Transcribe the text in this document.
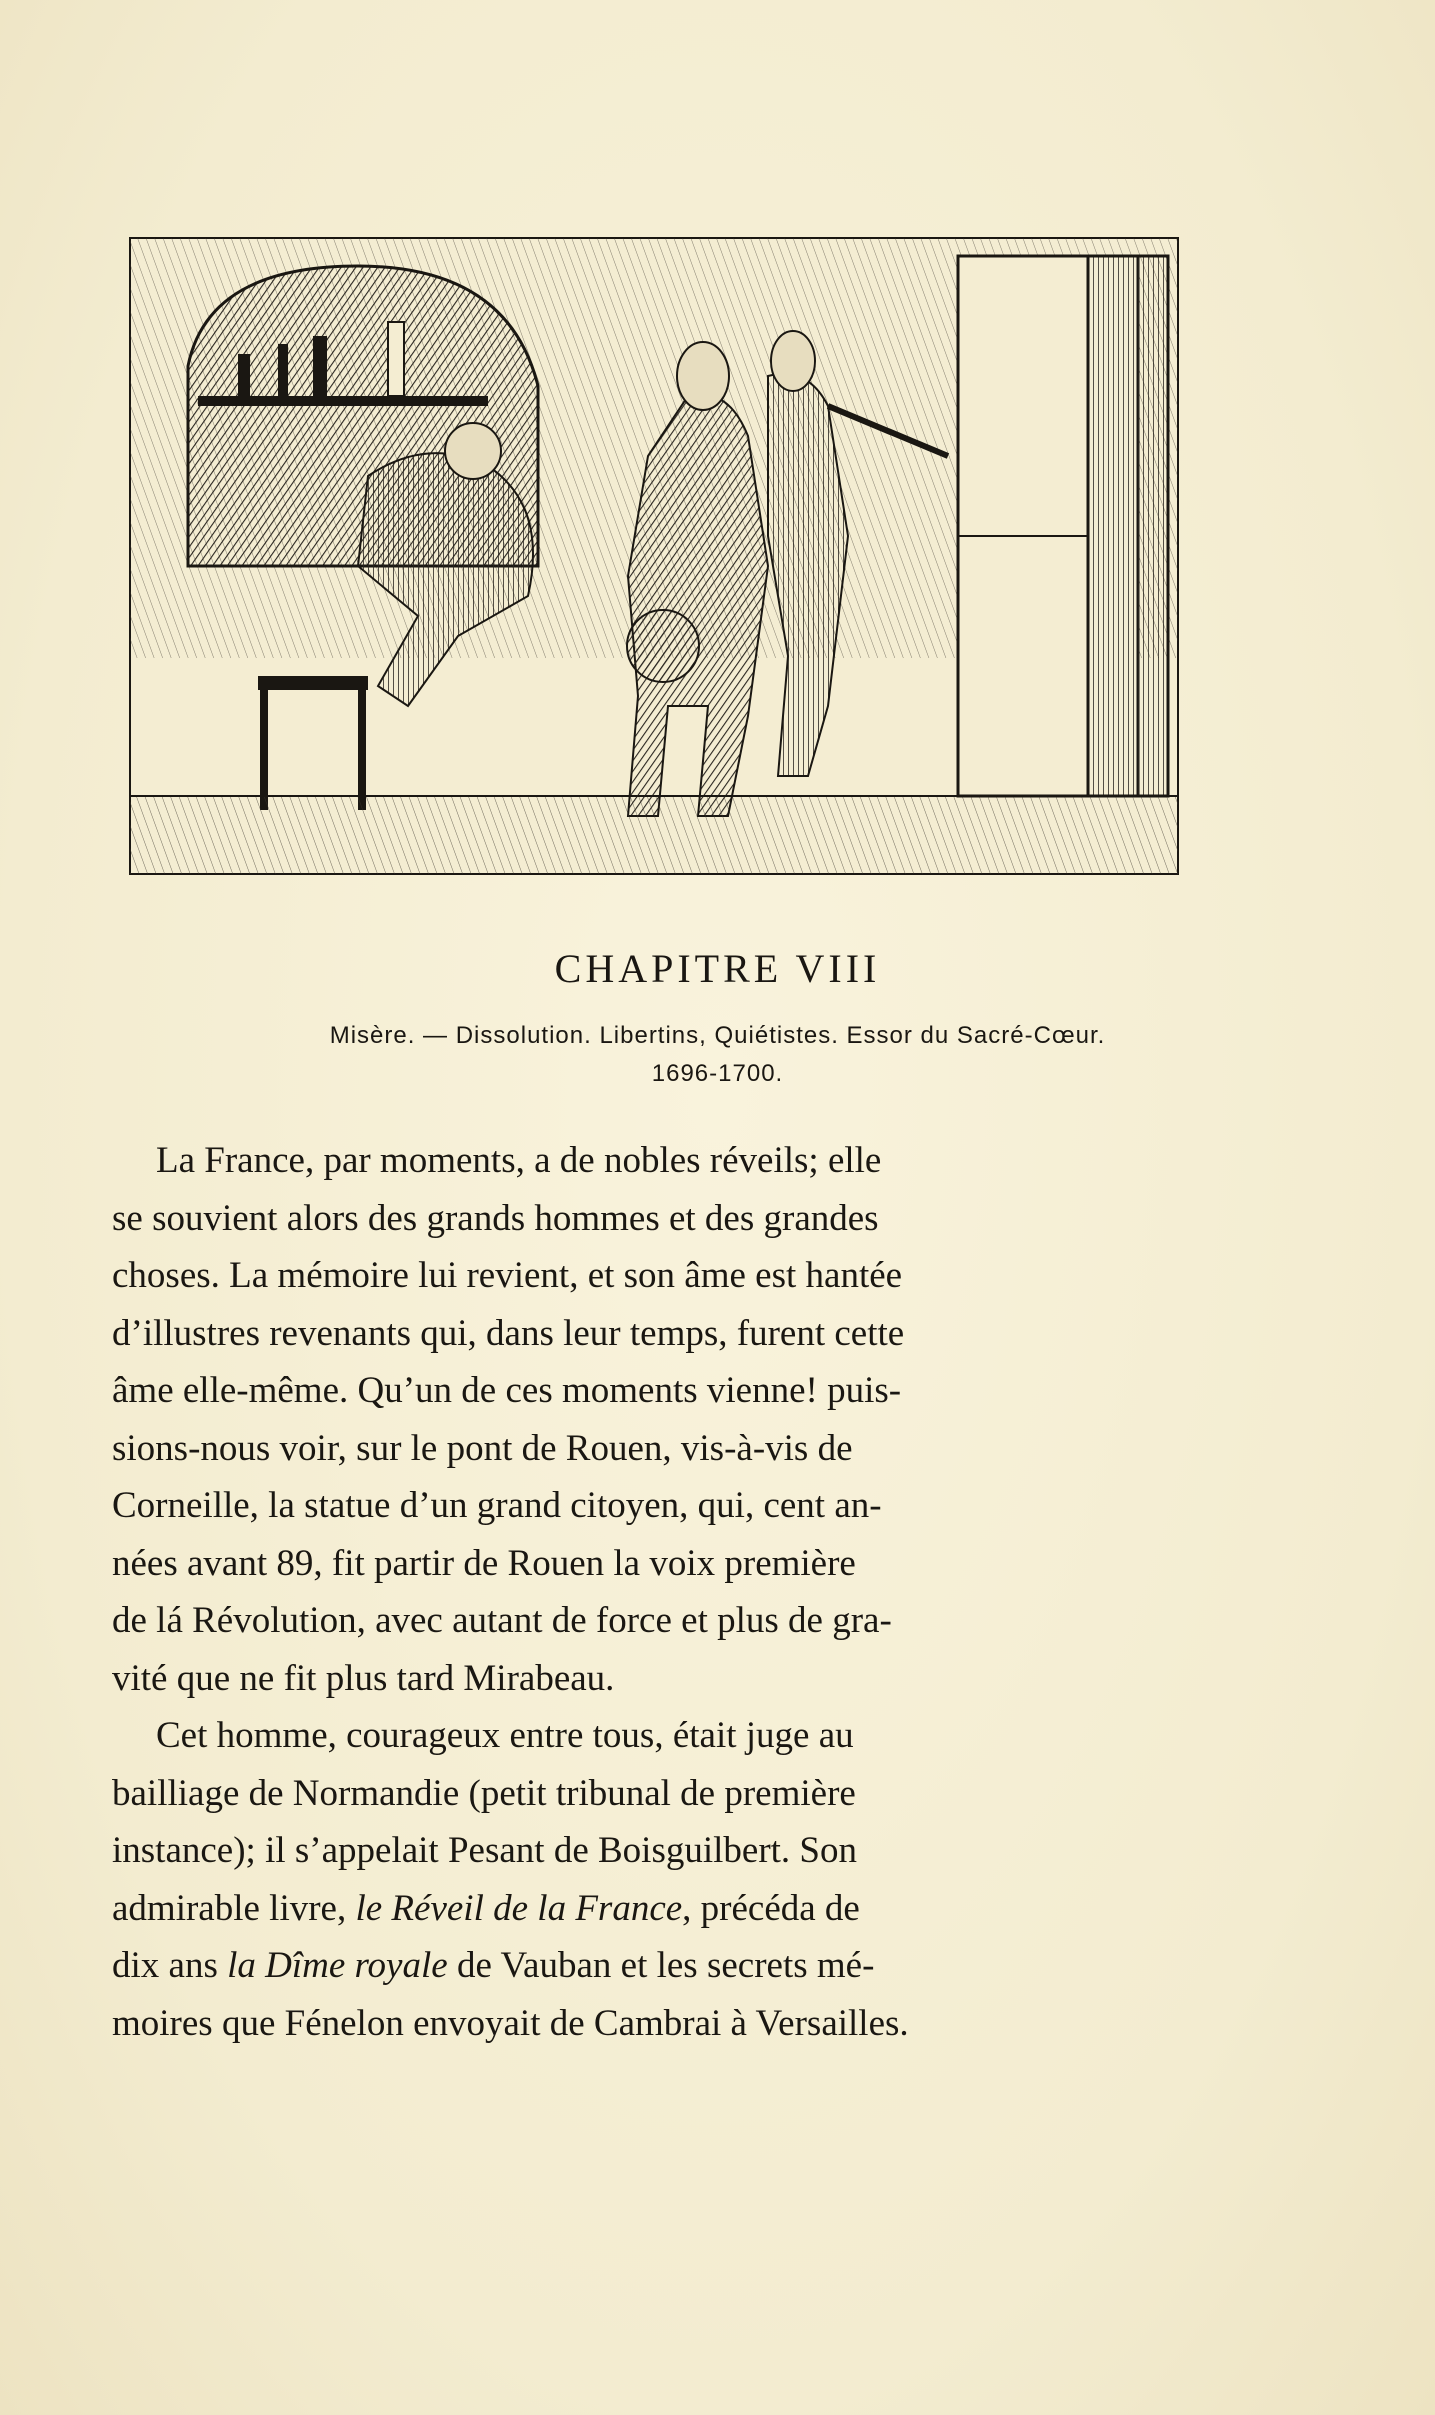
CHAPITRE VIII
Misère. — Dissolution. Libertins, Quiétistes. Essor du Sacré-Cœur.
1696-1700.
La France, par moments, a de nobles réveils; elle
se souvient alors des grands hommes et des grandes
choses. La mémoire lui revient, et son âme est hantée
d’illustres revenants qui, dans leur temps, furent cette
âme elle-même. Qu’un de ces moments vienne! puis-
sions-nous voir, sur le pont de Rouen, vis-à-vis de
Corneille, la statue d’un grand citoyen, qui, cent an-
nées avant 89, fit partir de Rouen la voix première
de lá Révolution, avec autant de force et plus de gra-
vité que ne fit plus tard Mirabeau.
Cet homme, courageux entre tous, était juge au
bailliage de Normandie (petit tribunal de première
instance); il s’appelait Pesant de Boisguilbert. Son
admirable livre, le Réveil de la France , précéda de
dix ans la Dîme royale de Vauban et les secrets mé-
moires que Fénelon envoyait de Cambrai à Versailles.
